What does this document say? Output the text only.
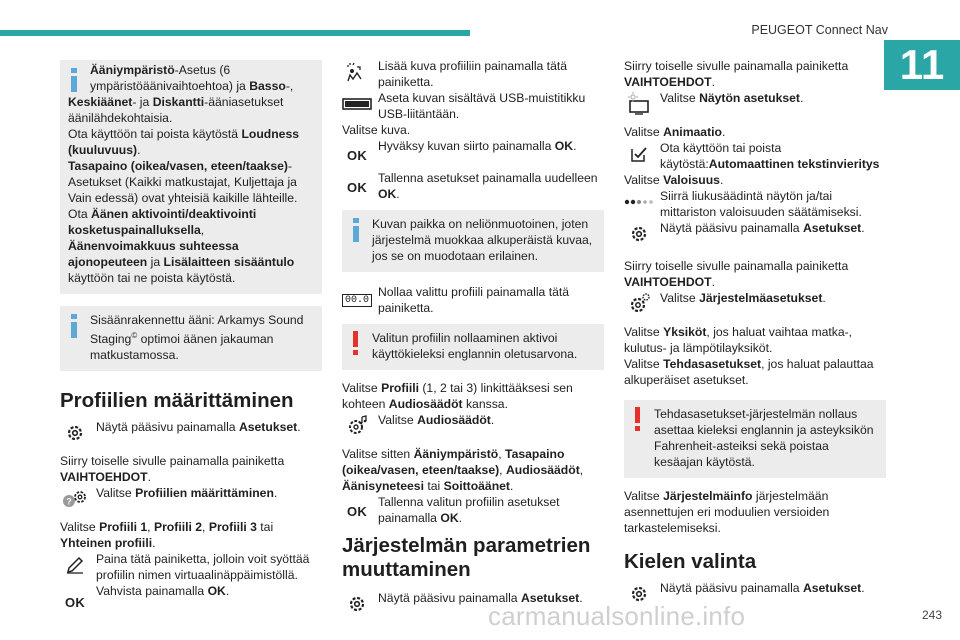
PEUGEOT Connect Nav
11
Ääniympäristö-Asetus (6 ympäristöäänivaihtoehtoa) ja Basso-,
Keskiäänet- ja Diskantti-ääniasetukset äänilähdekohtaisia.
Ota käyttöön tai poista käytöstä Loudness (kuuluvuus).
Tasapaino (oikea/vasen, eteen/taakse)-Asetukset (Kaikki matkustajat, Kuljettaja ja Vain edessä) ovat yhteisiä kaikille lähteille.
Ota Äänen aktivointi/deaktivointi kosketuspainalluksella, Äänenvoimakkuus suhteessa ajonopeuteen ja Lisälaitteen sisääntulo käyttöön tai ne poista käytöstä.
Sisäänrakennettu ääni: Arkamys Sound Staging© optimoi äänen jakauman matkustamossa.
Profiilien määrittäminen
Näytä pääsivu painamalla Asetukset.
Siirry toiselle sivulle painamalla painiketta VAIHTOEHDOT.
?
Valitse Profiilien määrittäminen.
Valitse Profiili 1, Profiili 2, Profiili 3 tai Yhteinen profiili.
Paina tätä painiketta, jolloin voit syöttää profiilin nimen virtuaalinäppäimistöllä.
OK
Vahvista painamalla OK.
Lisää kuva profiiliin painamalla tätä painiketta.
Aseta kuvan sisältävä USB-muistitikku USB-liitäntään.
Valitse kuva.
OK
Hyväksy kuvan siirto painamalla OK.
OK
Tallenna asetukset painamalla uudelleen OK.
Kuvan paikka on neliönmuotoinen, joten järjestelmä muokkaa alkuperäistä kuvaa, jos se on muodotaan erilainen.
00.0
Nollaa valittu profiili painamalla tätä painiketta.
Valitun profiilin nollaaminen aktivoi käyttökieleksi englannin oletusarvona.
Valitse Profiili (1, 2 tai 3) linkittääksesi sen kohteen Audiosäädöt kanssa.
Valitse Audiosäädöt.
Valitse sitten Ääniympäristö, Tasapaino (oikea/vasen, eteen/taakse), Audiosäädöt, Äänisyneteesi tai Soittoäänet.
OK
Tallenna valitun profiilin asetukset painamalla OK.
Järjestelmän parametrien muuttaminen
Näytä pääsivu painamalla Asetukset.
Siirry toiselle sivulle painamalla painiketta VAIHTOEHDOT.
Valitse Näytön asetukset.
Valitse Animaatio.
Ota käyttöön tai poista käytöstä:Automaattinen tekstinvieritys
Valitse Valoisuus.
Siirrä liukusäädintä näytön ja/tai mittariston valoisuuden säätämiseksi.
Näytä pääsivu painamalla Asetukset.
Siirry toiselle sivulle painamalla painiketta VAIHTOEHDOT.
Valitse Järjestelmäasetukset.
Valitse Yksiköt, jos haluat vaihtaa matka-, kulutus- ja lämpötilayksiköt.
Valitse Tehdasasetukset, jos haluat palauttaa alkuperäiset asetukset.
Tehdasasetukset-järjestelmän nollaus asettaa kieleksi englannin ja asteyksikön Fahrenheit-asteiksi sekä poistaa kesäajan käytöstä.
Valitse Järjestelmäinfo järjestelmään asennettujen eri moduulien versioiden tarkastelemiseksi.
Kielen valinta
Näytä pääsivu painamalla Asetukset.
carmanualsonline.info	243
